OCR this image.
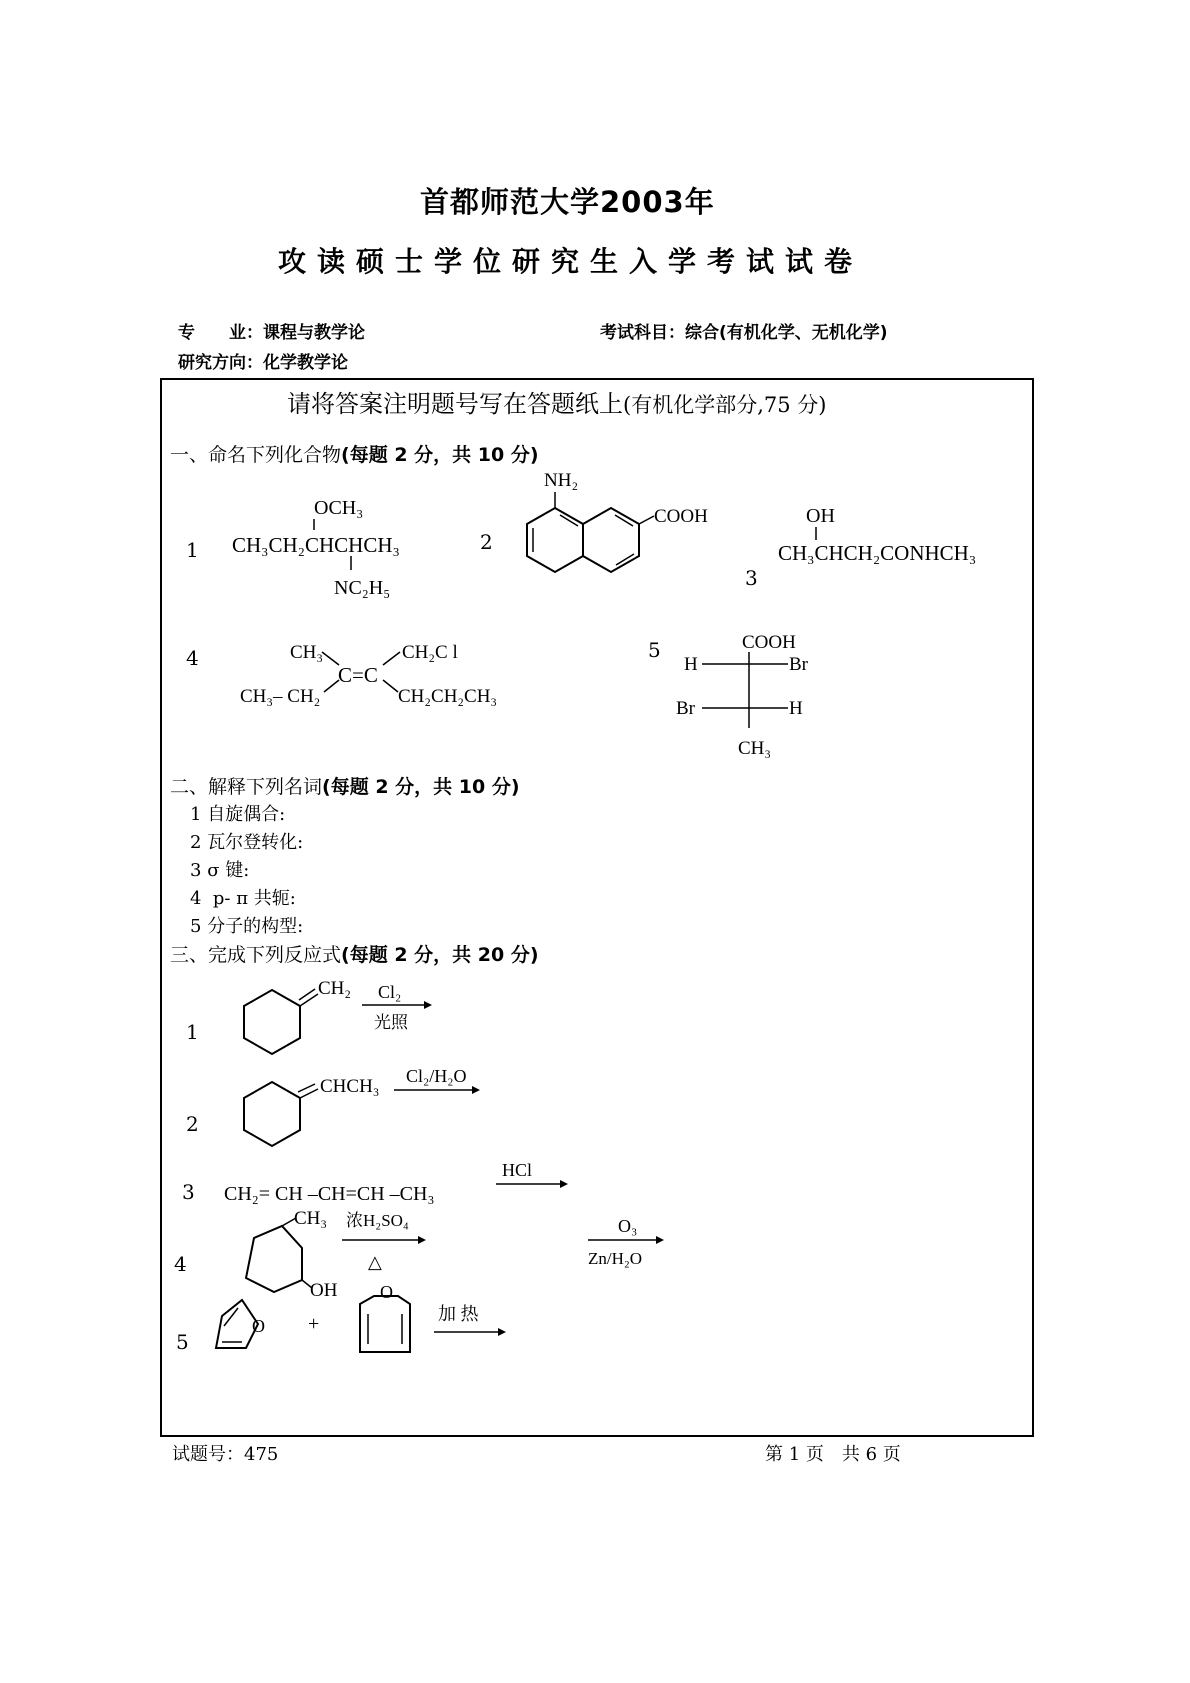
首都师范大学2003年
攻读硕士学位研究生入学考试试卷
专　　业：课程与教学论	考试科目：综合(有机化学、无机化学)
研究方向：化学教学论
请将答案注明题号写在答题纸上(有机化学部分,75 分)
一、命名下列化合物(每题 2 分，共 10 分)
1
OCH₃
CH₃CH₂CHCHCH₃
NC₂H₅
2
NH₂
COOH
3
OH
CH₃CHCH₂CONHCH₃
4	CH₃
CH₃– CH₂
C=C
CH₂C l
CH₂CH₂CH₃
5	COOH
H	Br
Br	H
CH₃
二、解释下列名词(每题 2 分，共 10 分)
1 自旋偶合:
2 瓦尔登转化:
3 σ 键:
4 p- π 共轭:
5 分子的构型:
三、完成下列反应式(每题 2 分，共 20 分)
1
CH₂ Cl₂
光照
2
CHCH₃ Cl₂/H₂O
3 CH₂= CH –CH=CH –CH₃
HCl
4
CH₃
OH
浓H₂SO₄
△
O₃
Zn/H₂O
5
O +
O
加 热
试题号：475	第 1 页　共 6 页
